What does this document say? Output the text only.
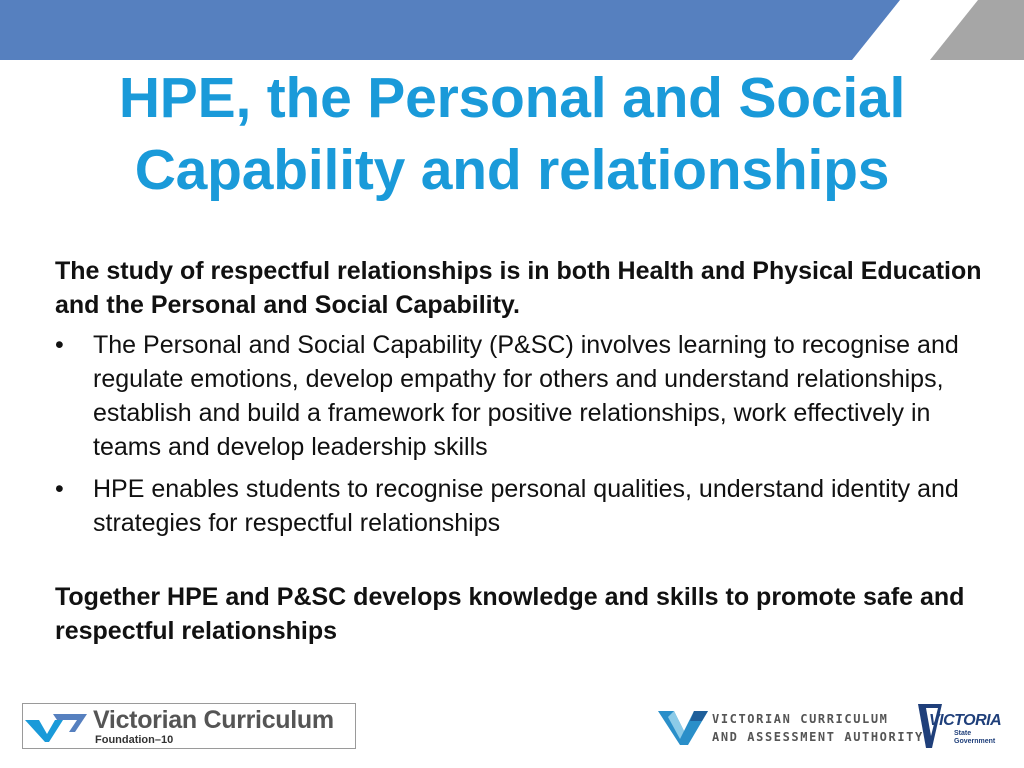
HPE, the Personal and Social
Capability and relationships

The study of respectful relationships is in both Health and Physical Education and the Personal and Social Capability.

•	The Personal and Social Capability (P&SC) involves learning to recognise and regulate emotions, develop empathy for others and understand relationships, establish and build a framework for positive relationships, work effectively in teams and develop leadership skills
•	HPE enables students to recognise personal qualities, understand identity and strategies for respectful relationships

Together HPE and P&SC develops knowledge and skills to promote safe and respectful relationships

Victorian Curriculum
Foundation–10
VICTORIAN CURRICULUM
AND ASSESSMENT AUTHORITY
VICTORIA
State
Government
